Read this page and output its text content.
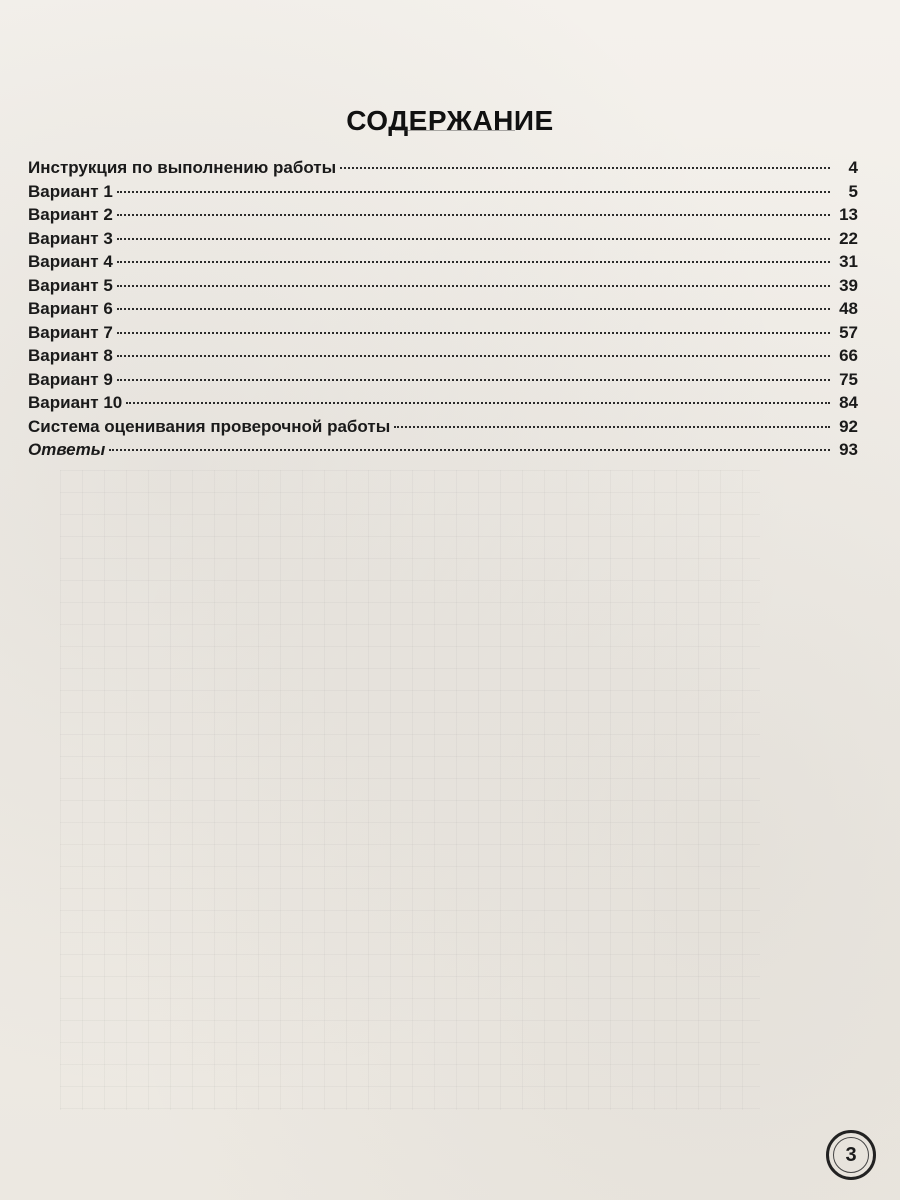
СОДЕРЖАНИЕ
Инструкция по выполнению работы	4
Вариант 1	5
Вариант 2	13
Вариант 3	22
Вариант 4	31
Вариант 5	39
Вариант 6	48
Вариант 7	57
Вариант 8	66
Вариант 9	75
Вариант 10	84
Система оценивания проверочной работы	92
Ответы	93
3
